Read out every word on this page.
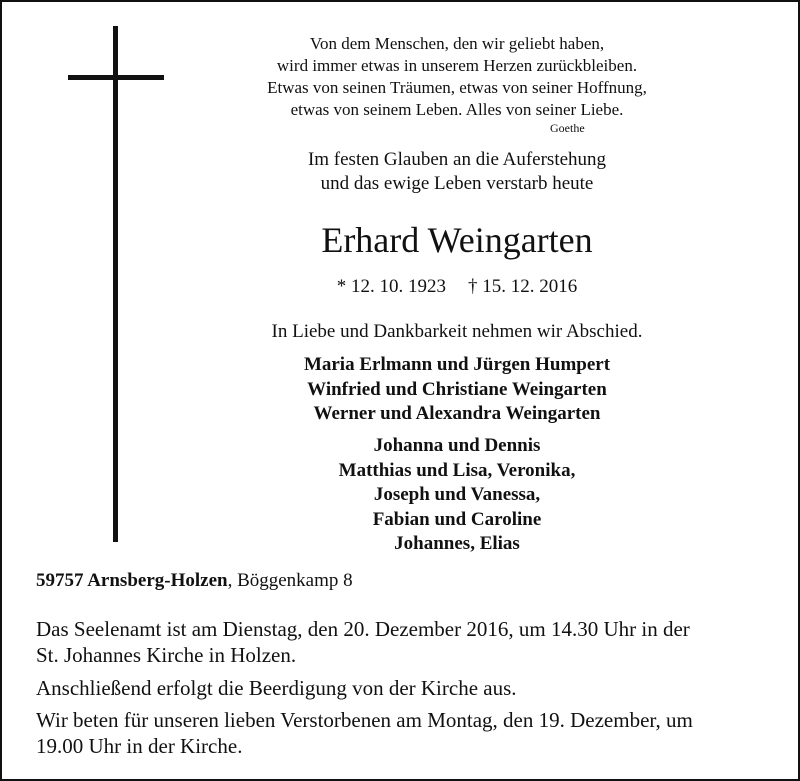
Von dem Menschen, den wir geliebt haben,
wird immer etwas in unserem Herzen zurückbleiben.
Etwas von seinen Träumen, etwas von seiner Hoffnung,
etwas von seinem Leben. Alles von seiner Liebe.
Goethe
Im festen Glauben an die Auferstehung
und das ewige Leben verstarb heute
Erhard Weingarten
* 12. 10. 1923 † 15. 12. 2016
In Liebe und Dankbarkeit nehmen wir Abschied.
Maria Erlmann und Jürgen Humpert
Winfried und Christiane Weingarten
Werner und Alexandra Weingarten
Johanna und Dennis
Matthias und Lisa, Veronika,
Joseph und Vanessa,
Fabian und Caroline
Johannes, Elias
59757 Arnsberg-Holzen, Böggenkamp 8
Das Seelenamt ist am Dienstag, den 20. Dezember 2016, um 14.30 Uhr in der
St. Johannes Kirche in Holzen.
Anschließend erfolgt die Beerdigung von der Kirche aus.
Wir beten für unseren lieben Verstorbenen am Montag, den 19. Dezember, um
19.00 Uhr in der Kirche.
